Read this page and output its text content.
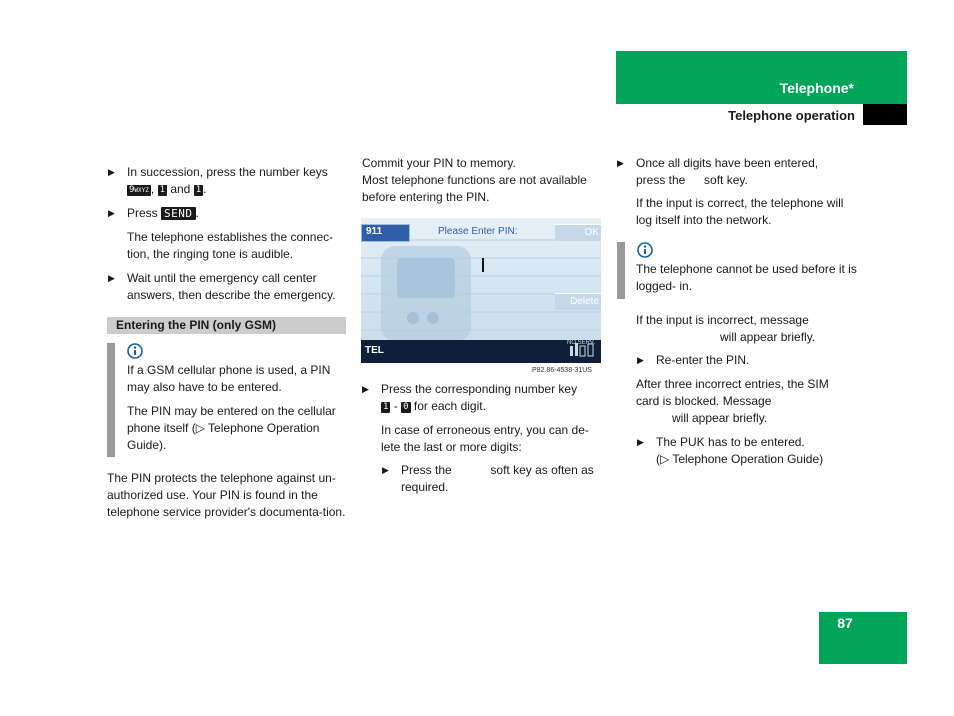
Telephone*
Telephone operation
87
▶ In succession, press the number keys
9WXYZ , 1 and 1 .
▶ Press SEND .
The telephone establishes the connec-tion, the ringing tone is audible.
▶ Wait until the emergency call center answers, then describe the emergency.
Entering the PIN (only GSM)
If a GSM cellular phone is used, a PIN may also have to be entered.
The PIN may be entered on the cellular phone itself (▷ Telephone Operation Guide).
The PIN protects the telephone against un-authorized use. Your PIN is found in the telephone service provider's documenta-tion.
Commit your PIN to memory.
Most telephone functions are not available before entering the PIN.
911	Please Enter PIN:	OK
Delete
TEL
NO SERV.
P82.86-4538-31US
▶ Press the corresponding number key
1 - 0 for each digit.
In case of erroneous entry, you can de-lete the last or more digits:
▶ Press the	soft key as often as required.
▶ Once all digits have been entered, press the soft key.
If the input is correct, the telephone will log itself into the network.
The telephone cannot be used before it is logged- in.
If the input is incorrect, message
will appear briefly.
▶ Re-enter the PIN.
After three incorrect entries, the SIM card is blocked. Message
will appear briefly.
▶ The PUK has to be entered.
(▷ Telephone Operation Guide)
